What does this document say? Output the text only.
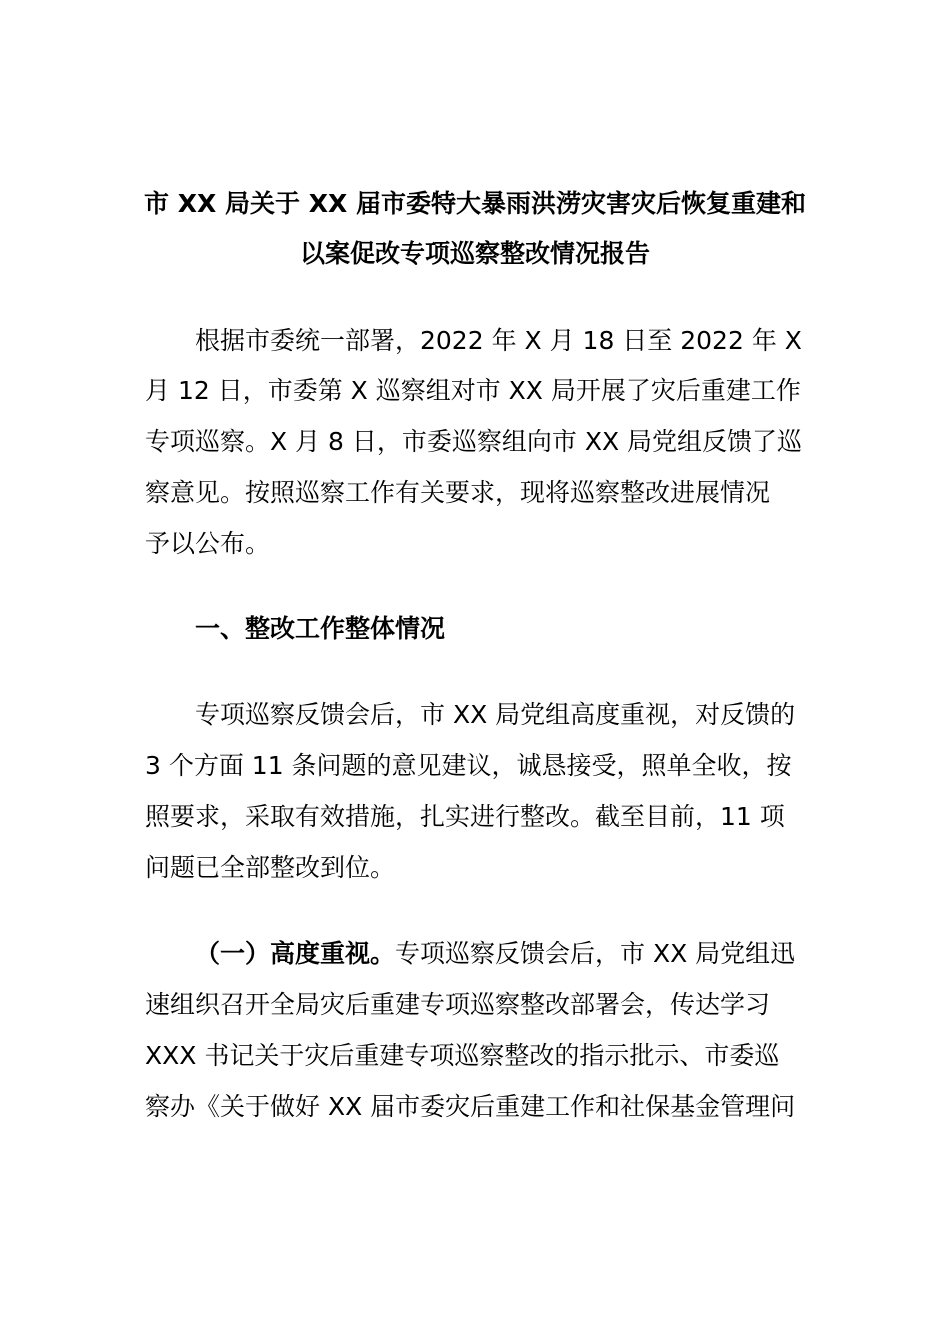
市 XX 局关于 XX 届市委特大暴雨洪涝灾害灾后恢复重建和
以案促改专项巡察整改情况报告
根据市委统一部署，2022 年 X 月 18 日至 2022 年 X
月 12 日，市委第 X 巡察组对市 XX 局开展了灾后重建工作
专项巡察。X 月 8 日，市委巡察组向市 XX 局党组反馈了巡
察意见。按照巡察工作有关要求，现将巡察整改进展情况
予以公布。
一、整改工作整体情况
专项巡察反馈会后，市 XX 局党组高度重视，对反馈的
3 个方面 11 条问题的意见建议，诚恳接受，照单全收，按
照要求，采取有效措施，扎实进行整改。截至目前，11 项
问题已全部整改到位。
（一）高度重视。专项巡察反馈会后，市 XX 局党组迅
速组织召开全局灾后重建专项巡察整改部署会，传达学习
XXX 书记关于灾后重建专项巡察整改的指示批示、市委巡
察办《关于做好 XX 届市委灾后重建工作和社保基金管理问
